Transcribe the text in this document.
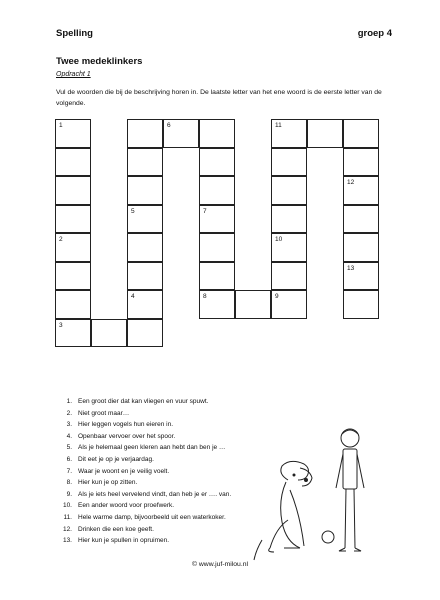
Spelling	groep 4
Twee medeklinkers
Opdracht 1
Vul de woorden die bij de beschrijving horen in. De laatste letter van het ene woord is de eerste letter van de volgende.
1
2
3
4
5
6
7
8
11
10
9
12
13
1. Een groot dier dat kan vliegen en vuur spuwt.
2. Niet groot maar…
3. Hier leggen vogels hun eieren in.
4. Openbaar vervoer over het spoor.
5. Als je helemaal geen kleren aan hebt dan ben je …
6. Dit eet je op je verjaardag.
7. Waar je woont en je veilig voelt.
8. Hier kun je op zitten.
9. Als je iets heel vervelend vindt, dan heb je er …. van.
10. Een ander woord voor proefwerk.
11. Hele warme damp, bijvoorbeeld uit een waterkoker.
12. Drinken die een koe geeft.
13. Hier kun je spullen in opruimen.
© www.juf-milou.nl
